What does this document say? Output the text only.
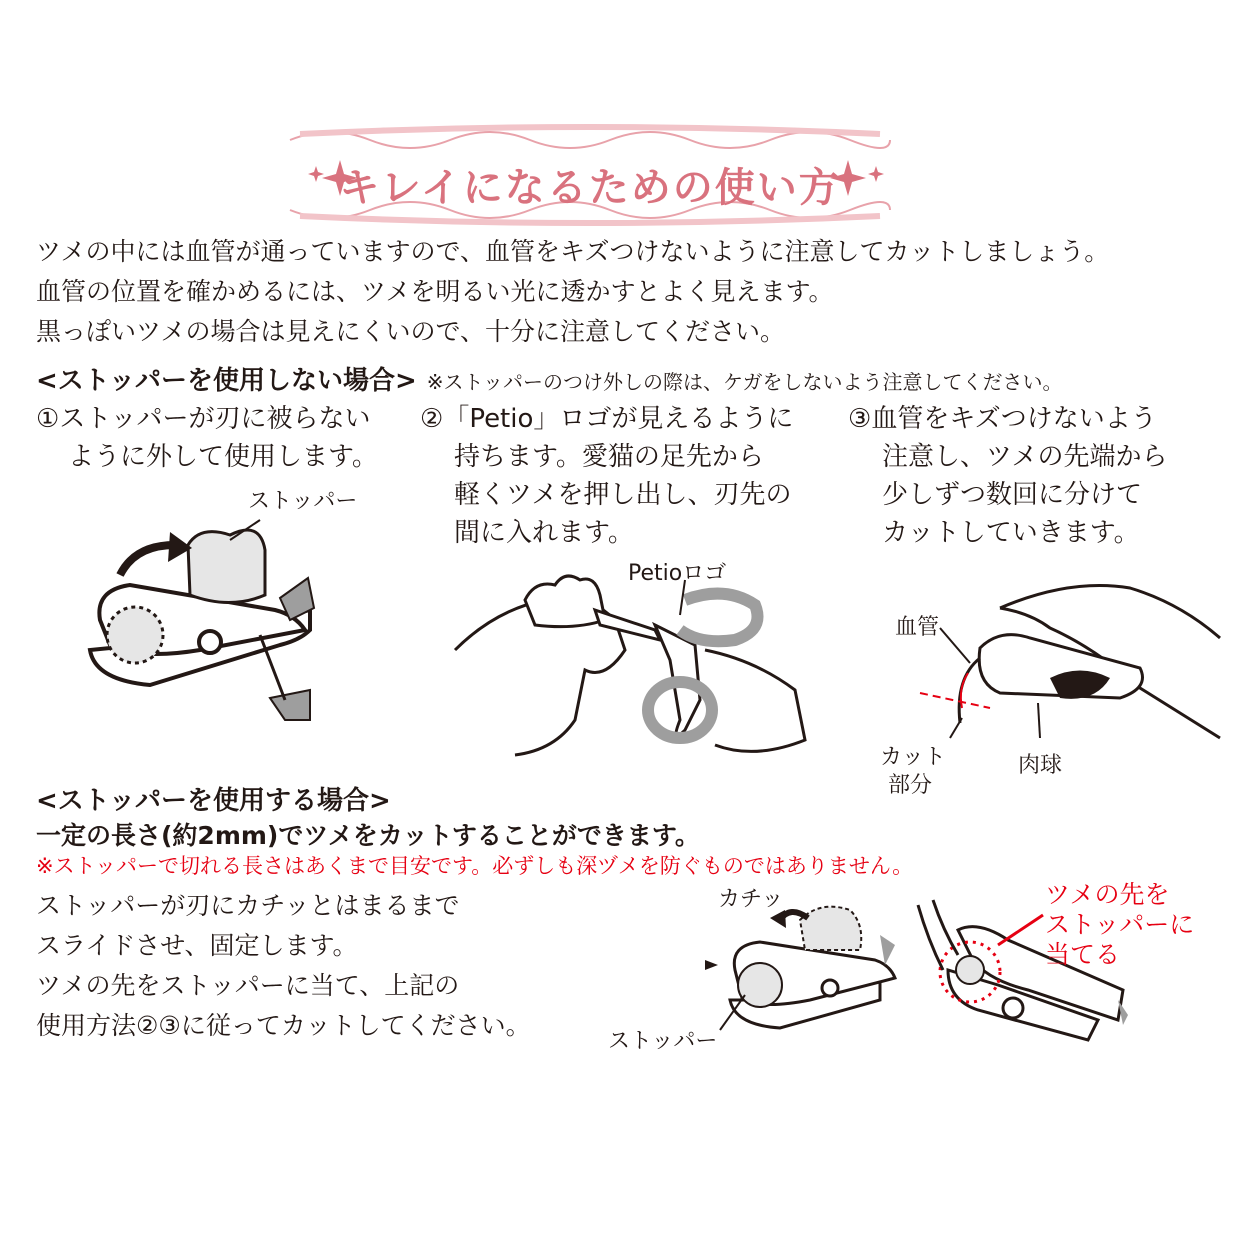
キレイになるための使い方
ツメの中には血管が通っていますので、血管をキズつけないように注意してカットしましょう。
血管の位置を確かめるには、ツメを明るい光に透かすとよく見えます。
黒っぽいツメの場合は見えにくいので、十分に注意してください。
<ストッパーを使用しない場合> ※ストッパーのつけ外しの際は、ケガをしないよう注意してください。
①ストッパーが刃に被らない
ように外して使用します。
②「Petio」ロゴが見えるように
持ちます。愛猫の足先から
軽くツメを押し出し、刃先の
間に入れます。
③血管をキズつけないよう
注意し、ツメの先端から
少しずつ数回に分けて
カットしていきます。
ストッパー
Petioロゴ
血管
カット
部分
肉球
<ストッパーを使用する場合>
一定の長さ(約2mm)でツメをカットすることができます。
※ストッパーで切れる長さはあくまで目安です。必ずしも深ヅメを防ぐものではありません。
ストッパーが刃にカチッとはまるまで
スライドさせ、固定します。
ツメの先をストッパーに当て、上記の
使用方法②③に従ってカットしてください。
カチッ
ストッパー
ツメの先を
ストッパーに
当てる
